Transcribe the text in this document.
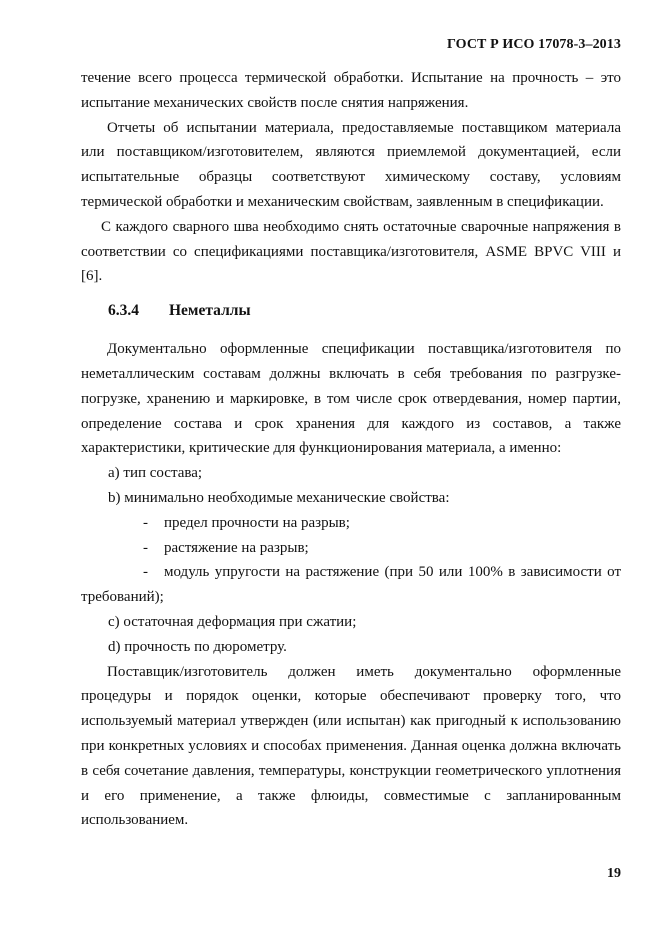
ГОСТ Р ИСО 17078-3–2013

течение всего процесса термической обработки. Испытание на прочность – это испытание механических свойств после снятия напряжения.

Отчеты об испытании материала, предоставляемые поставщиком материала или поставщиком/изготовителем, являются приемлемой документацией, если испытательные образцы соответствуют химическому составу, условиям термической обработки и механическим свойствам, заявленным в спецификации.

С каждого сварного шва необходимо снять остаточные сварочные напряжения в соответствии со спецификациями поставщика/изготовителя, ASME BPVC VIII и [6].

6.3.4 Неметаллы

Документально оформленные спецификации поставщика/изготовителя по неметаллическим составам должны включать в себя требования по разгрузке-погрузке, хранению и маркировке, в том числе срок отвердевания, номер партии, определение состава и срок хранения для каждого из составов, а также характеристики, критические для функционирования материала, а именно:

а) тип состава;

b) минимально необходимые механические свойства:

- предел прочности на разрыв;

- растяжение на разрыв;

- модуль упругости на растяжение (при 50 или 100% в зависимости от требований);

с) остаточная деформация при сжатии;

d) прочность по дюрометру.

Поставщик/изготовитель должен иметь документально оформленные процедуры и порядок оценки, которые обеспечивают проверку того, что используемый материал утвержден (или испытан) как пригодный к использованию при конкретных условиях и способах применения. Данная оценка должна включать в себя сочетание давления, температуры, конструкции геометрического уплотнения и его применение, а также флюиды, совместимые с запланированным использованием.

19
